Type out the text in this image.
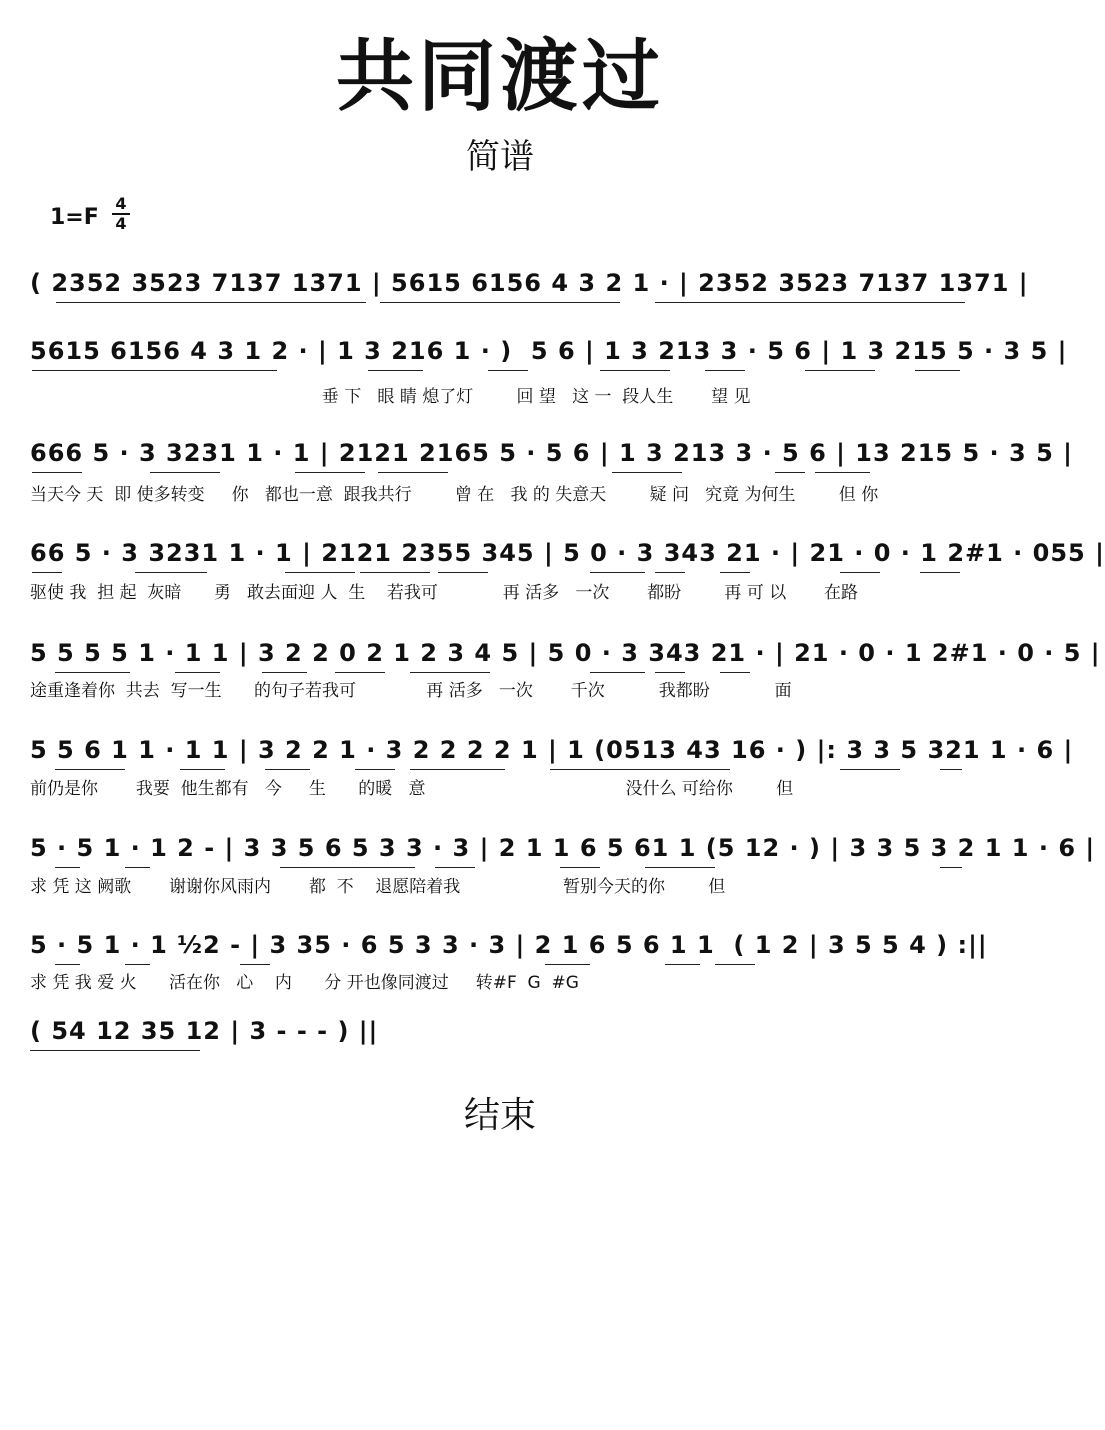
共同渡过
简谱
1=F
4
4
( 2352 3523 7137 1371 | 5615 6156 4 3 2 1 · | 2352 3523 7137 1371 |
5615 6156 4 3 1 2 · | 1 3 216 1 · )  5 6 | 1 3 213 3 · 5 6 | 1 3 215 5 · 3 5 |
垂 下   眼 睛 熄了灯        回 望   这 一  段人生       望 见
666 5 · 3 3231 1 · 1 | 2121 2165 5 · 5 6 | 1 3 213 3 · 5 6 | 13 215 5 · 3 5 |
当天今 天  即 使多转变     你   都也一意  跟我共行        曾 在   我 的 失意天        疑 问   究竟 为何生        但 你
66 5 · 3 3231 1 · 1 | 2121 2355 345 | 5 0 · 3 343 21 · | 21 · 0 · 1 2#1 · 055 |
驱使 我  担 起  灰暗      勇   敢去面迎 人  生    若我可            再 活多   一次       都盼        再 可 以       在路
5 5 5 5 1 · 1 1 | 3 2 2 0 2 1 2 3 4 5 | 5 0 · 3 343 21 · | 21 · 0 · 1 2#1 · 0 · 5 |
途重逢着你  共去  写一生      的句子若我可             再 活多   一次       千次          我都盼            面
5 5 6 1 1 · 1 1 | 3 2 2 1 · 3 2 2 2 2 1 | 1 (0513 43 16 · ) |: 3 3 5 321 1 · 6 |
前仍是你       我要  他生都有   今     生      的暖   意                                     没什么 可给你        但
5 · 5 1 · 1 2 - | 3 3 5 6 5 3 3 · 3 | 2 1 1 6 5 61 1 (5 12 · ) | 3 3 5 3 2 1 1 · 6 |
求 凭 这 阙歌       谢谢你风雨内       都  不    退愿陪着我                   暂别今天的你        但
5 · 5 1 · 1 ½2 - | 3 35 · 6 5 3 3 · 3 | 2 1 6 5 6 1 1  ( 1 2 | 3 5 5 4 ) :||
求 凭 我 爱 火      活在你   心    内      分 开也像同渡过     转#F  G  #G
( 54 12 35 12 | 3 - - - ) ||
结束
